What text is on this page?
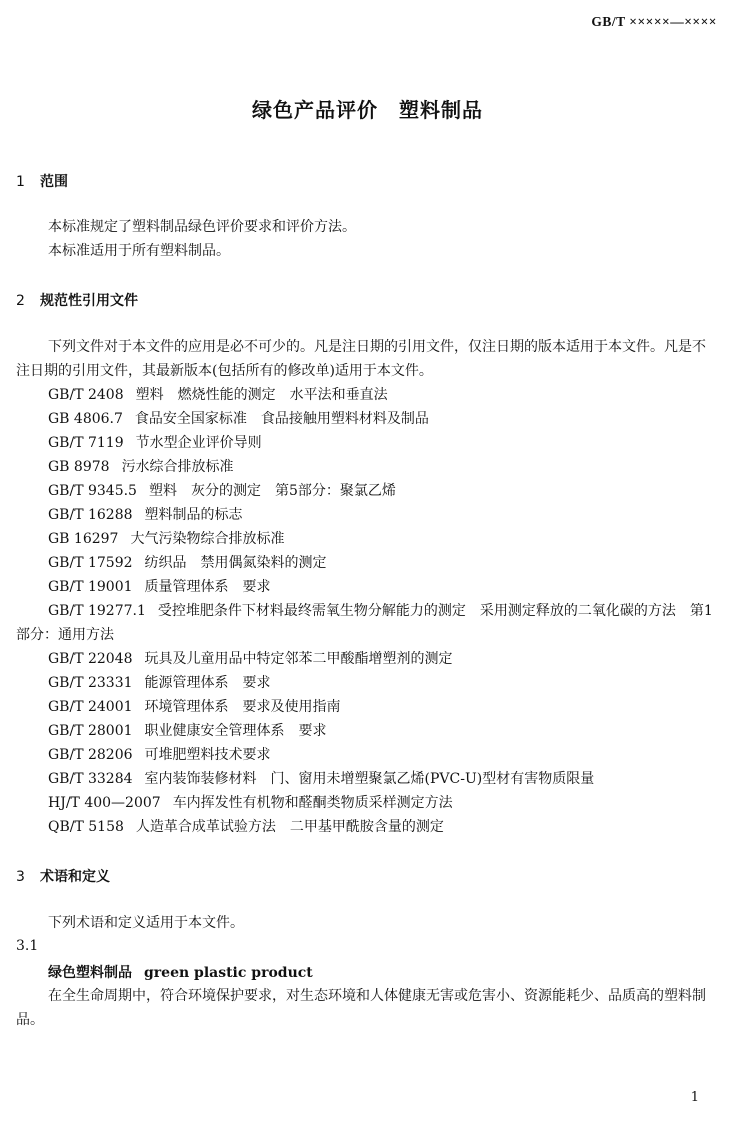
GB/T ×××××—××××
绿色产品评价　塑料制品
1 范围
本标准规定了塑料制品绿色评价要求和评价方法。
本标准适用于所有塑料制品。
2 规范性引用文件
下列文件对于本文件的应用是必不可少的。凡是注日期的引用文件，仅注日期的版本适用于本文件。凡是不注日期的引用文件，其最新版本(包括所有的修改单)适用于本文件。
GB/T 2408 塑料　燃烧性能的测定　水平法和垂直法
GB 4806.7 食品安全国家标准　食品接触用塑料材料及制品
GB/T 7119 节水型企业评价导则
GB 8978 污水综合排放标准
GB/T 9345.5 塑料　灰分的测定　第5部分：聚氯乙烯
GB/T 16288 塑料制品的标志
GB 16297 大气污染物综合排放标准
GB/T 17592 纺织品　禁用偶氮染料的测定
GB/T 19001 质量管理体系　要求
GB/T 19277.1 受控堆肥条件下材料最终需氧生物分解能力的测定　采用测定释放的二氧化碳的方法　第1部分：通用方法
GB/T 22048 玩具及儿童用品中特定邻苯二甲酸酯增塑剂的测定
GB/T 23331 能源管理体系　要求
GB/T 24001 环境管理体系　要求及使用指南
GB/T 28001 职业健康安全管理体系　要求
GB/T 28206 可堆肥塑料技术要求
GB/T 33284 室内装饰装修材料　门、窗用未增塑聚氯乙烯(PVC-U)型材有害物质限量
HJ/T 400—2007 车内挥发性有机物和醛酮类物质采样测定方法
QB/T 5158 人造革合成革试验方法　二甲基甲酰胺含量的测定
3 术语和定义
下列术语和定义适用于本文件。
3.1
绿色塑料制品 green plastic product
在全生命周期中，符合环境保护要求，对生态环境和人体健康无害或危害小、资源能耗少、品质高的塑料制品。
1
